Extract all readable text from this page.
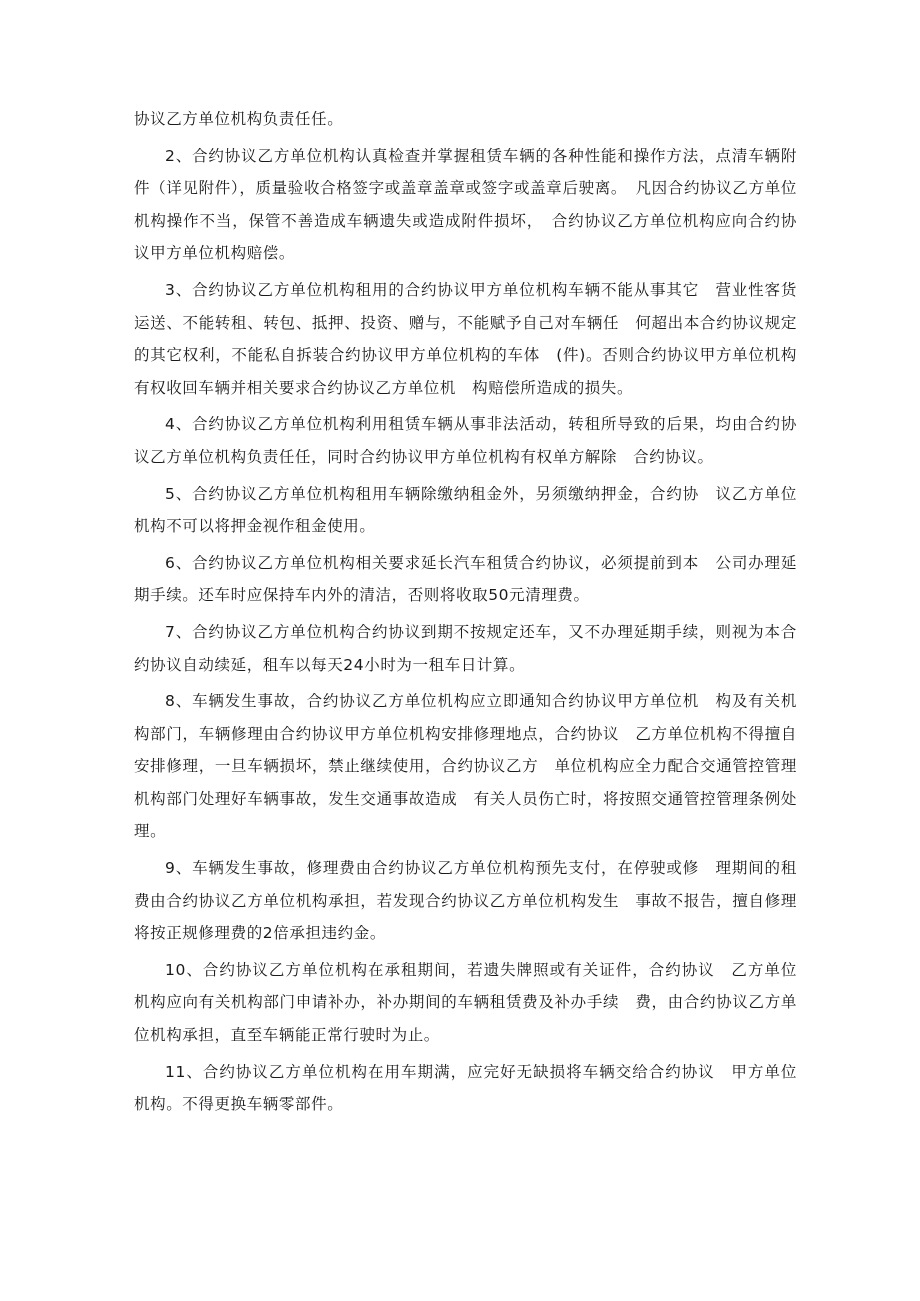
协议乙方单位机构负责任任。

2、合约协议乙方单位机构认真检查并掌握租赁车辆的各种性能和操作方法，点清车辆附件（详见附件），质量验收合格签字或盖章盖章或签字或盖章后驶离。　凡因合约协议乙方单位机构操作不当，保管不善造成车辆遗失或造成附件损坏，　合约协议乙方单位机构应向合约协议甲方单位机构赔偿。

3、合约协议乙方单位机构租用的合约协议甲方单位机构车辆不能从事其它　营业性客货运送、不能转租、转包、抵押、投资、赠与，不能赋予自己对车辆任　何超出本合约协议规定的其它权利，不能私自拆装合约协议甲方单位机构的车体　(件)。否则合约协议甲方单位机构有权收回车辆并相关要求合约协议乙方单位机　构赔偿所造成的损失。

4、合约协议乙方单位机构利用租赁车辆从事非法活动，转租所导致的后果，均由合约协议乙方单位机构负责任任，同时合约协议甲方单位机构有权单方解除　合约协议。

5、合约协议乙方单位机构租用车辆除缴纳租金外，另须缴纳押金，合约协　议乙方单位机构不可以将押金视作租金使用。

6、合约协议乙方单位机构相关要求延长汽车租赁合约协议，必须提前到本　公司办理延期手续。还车时应保持车内外的清洁，否则将收取50元清理费。

7、合约协议乙方单位机构合约协议到期不按规定还车，又不办理延期手续，则视为本合约协议自动续延，租车以每天24小时为一租车日计算。

8、车辆发生事故，合约协议乙方单位机构应立即通知合约协议甲方单位机　构及有关机构部门，车辆修理由合约协议甲方单位机构安排修理地点，合约协议　乙方单位机构不得擅自安排修理，一旦车辆损坏，禁止继续使用，合约协议乙方　单位机构应全力配合交通管控管理机构部门处理好车辆事故，发生交通事故造成　有关人员伤亡时，将按照交通管控管理条例处理。

9、车辆发生事故，修理费由合约协议乙方单位机构预先支付，在停驶或修　理期间的租费由合约协议乙方单位机构承担，若发现合约协议乙方单位机构发生　事故不报告，擅自修理将按正规修理费的2倍承担违约金。

10、合约协议乙方单位机构在承租期间，若遗失牌照或有关证件，合约协议　乙方单位机构应向有关机构部门申请补办，补办期间的车辆租赁费及补办手续　费，由合约协议乙方单位机构承担，直至车辆能正常行驶时为止。

11、合约协议乙方单位机构在用车期满，应完好无缺损将车辆交给合约协议　甲方单位机构。不得更换车辆零部件。
